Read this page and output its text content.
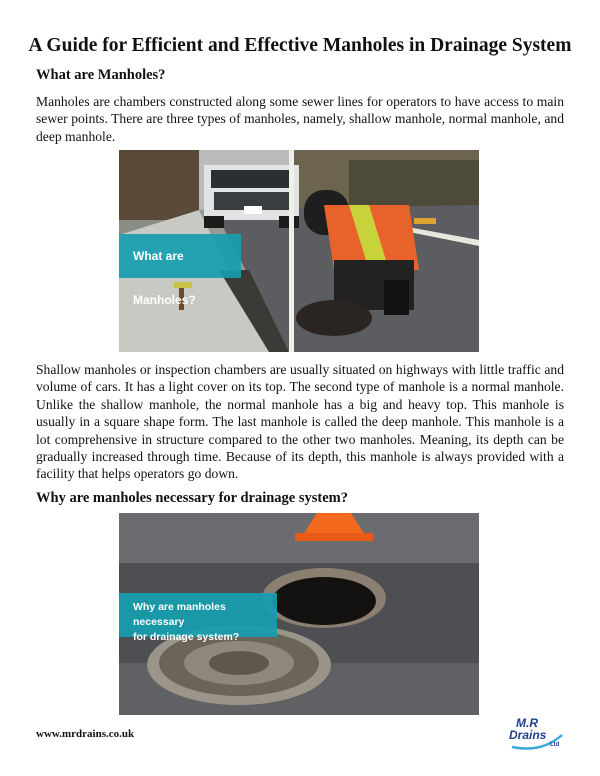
A Guide for Efficient and Effective Manholes in Drainage System
What are Manholes?

Manholes are chambers constructed along some sewer lines for operators to have access to main sewer points. There are three types of manholes, namely, shallow manhole, normal manhole, and deep manhole.

What are Manholes?

Shallow manholes or inspection chambers are usually situated on highways with little traffic and volume of cars. It has a light cover on its top. The second type of manhole is a normal manhole. Unlike the shallow manhole, the normal manhole has a big and heavy top. This manhole is usually in a square shape form. The last manhole is called the deep manhole. This manhole is a lot comprehensive in structure compared to the other two manholes. Meaning, its depth can be gradually increased through time. Because of its depth, this manhole is always provided with a facility that helps operators go down.

Why are manholes necessary for drainage system?
Why are manholes necessary
for drainage system?
www.mrdrains.co.uk
M.R
Drains
Ltd
